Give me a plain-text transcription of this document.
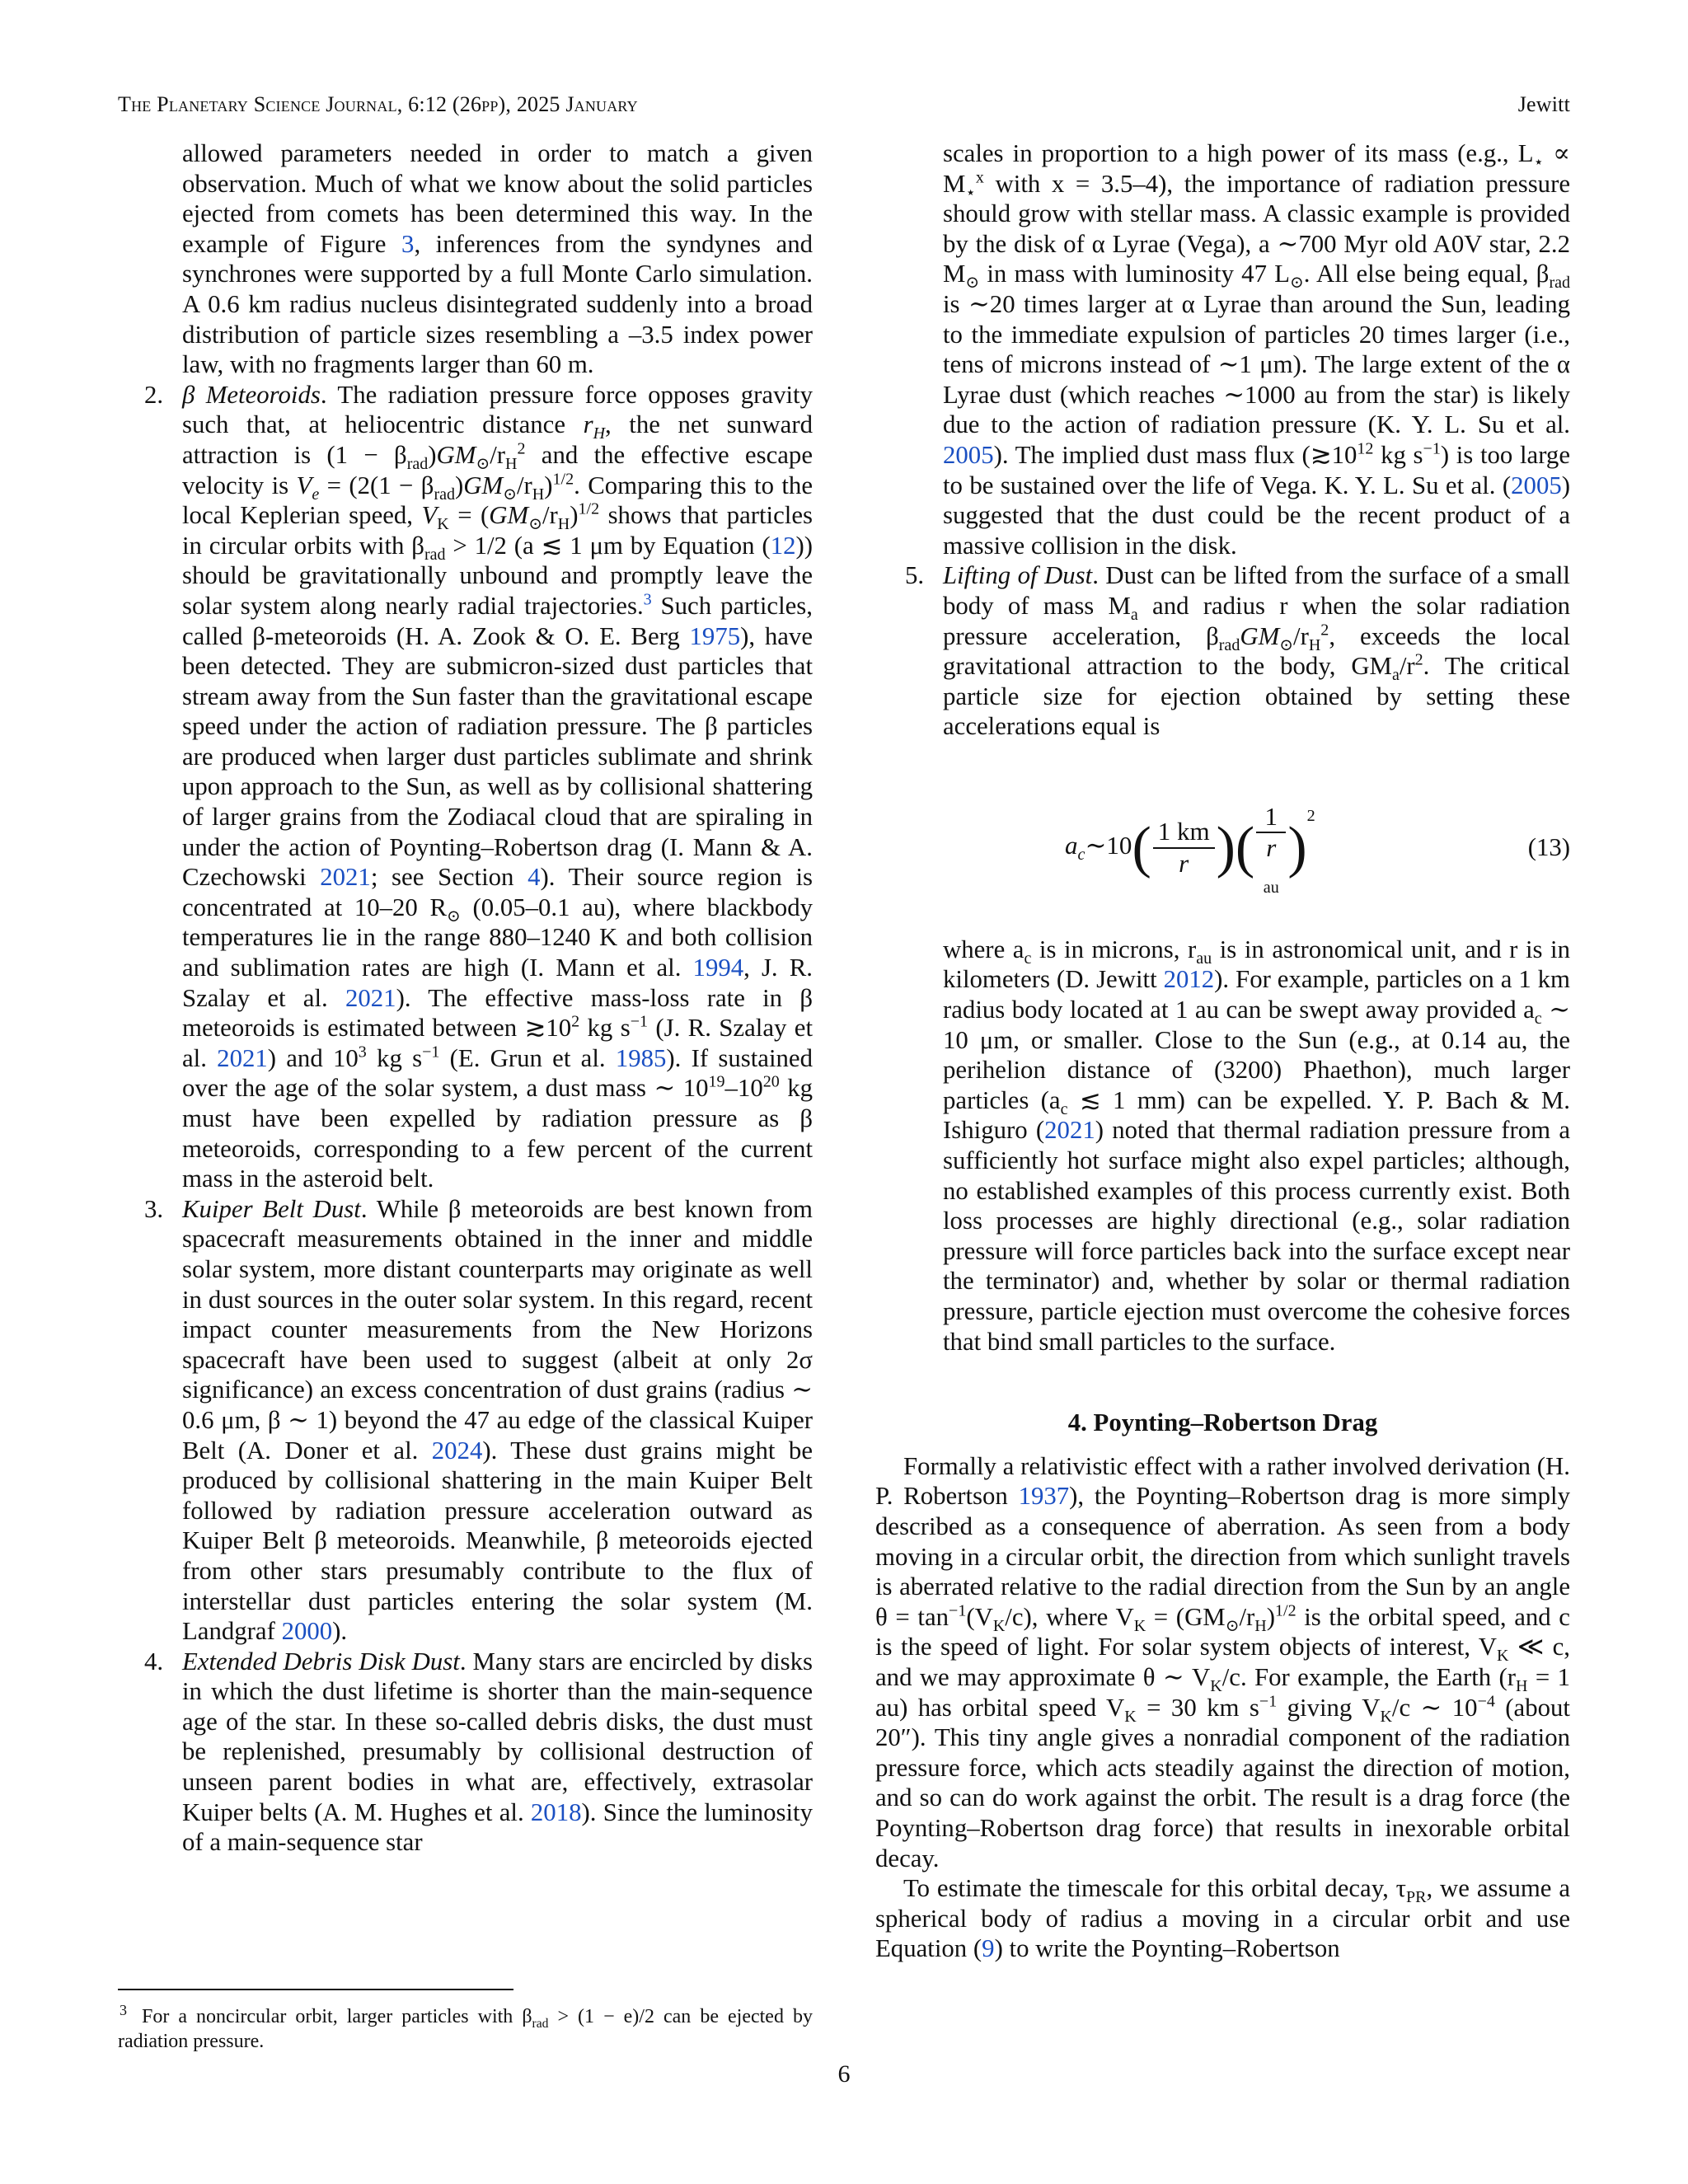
The Planetary Science Journal, 6:12 (26pp), 2025 January	Jewitt
allowed parameters needed in order to match a given observation. Much of what we know about the solid particles ejected from comets has been determined this way. In the example of Figure 3, inferences from the syndynes and synchrones were supported by a full Monte Carlo simulation. A 0.6 km radius nucleus disintegrated suddenly into a broad distribution of particle sizes resembling a –3.5 index power law, with no fragments larger than 60 m.
2. β Meteoroids. The radiation pressure force opposes gravity such that, at heliocentric distance $r_H$, the net sunward attraction is $(1 - \beta_{rad})GM_⊙/r_H^2$ and the effective escape velocity is $V_e = (2(1 - \beta_{rad})GM_⊙/r_H)^{1/2}$. Comparing this to the local Keplerian speed, $V_K = (GM_⊙/r_H)^{1/2}$ shows that particles in circular orbits with $\beta_{rad} > 1/2$ (a ≲ 1 μm by Equation (12)) should be gravitationally unbound and promptly leave the solar system along nearly radial trajectories.$^3$ Such particles, called β-meteoroids (H. A. Zook & O. E. Berg 1975), have been detected. They are submicron-sized dust particles that stream away from the Sun faster than the gravitational escape speed under the action of radiation pressure. The β particles are produced when larger dust particles sublimate and shrink upon approach to the Sun, as well as by collisional shattering of larger grains from the Zodiacal cloud that are spiraling in under the action of Poynting–Robertson drag (I. Mann & A. Czechowski 2021; see Section 4). Their source region is concentrated at 10–20 $R_⊙$ (0.05–0.1 au), where blackbody temperatures lie in the range 880–1240 K and both collision and sublimation rates are high (I. Mann et al. 1994, J. R. Szalay et al. 2021). The effective mass-loss rate in β meteoroids is estimated between $≳10^2$ kg $s^{-1}$ (J. R. Szalay et al. 2021) and $10^3$ kg $s^{-1}$ (E. Grun et al. 1985). If sustained over the age of the solar system, a dust mass ∼ $10^{19}-10^{20}$ kg must have been expelled by radiation pressure as β meteoroids, corresponding to a few percent of the current mass in the asteroid belt.
3. Kuiper Belt Dust. While β meteoroids are best known from spacecraft measurements obtained in the inner and middle solar system, more distant counterparts may originate as well in dust sources in the outer solar system. In this regard, recent impact counter measurements from the New Horizons spacecraft have been used to suggest (albeit at only 2σ significance) an excess concentration of dust grains (radius ∼ 0.6 μm, β ∼ 1) beyond the 47 au edge of the classical Kuiper Belt (A. Doner et al. 2024). These dust grains might be produced by collisional shattering in the main Kuiper Belt followed by radiation pressure acceleration outward as Kuiper Belt β meteoroids. Meanwhile, β meteoroids ejected from other stars presumably contribute to the flux of interstellar dust particles entering the solar system (M. Landgraf 2000).
4. Extended Debris Disk Dust. Many stars are encircled by disks in which the dust lifetime is shorter than the main-sequence age of the star. In these so-called debris disks, the dust must be replenished, presumably by collisional destruction of unseen parent bodies in what are, effectively, extrasolar Kuiper belts (A. M. Hughes et al. 2018). Since the luminosity of a main-sequence star
scales in proportion to a high power of its mass (e.g., $L_⋆ \propto M_⋆^x$ with x = 3.5–4), the importance of radiation pressure should grow with stellar mass. A classic example is provided by the disk of α Lyrae (Vega), a ∼700 Myr old A0V star, 2.2 $M_⊙$ in mass with luminosity 47 $L_⊙$. All else being equal, $\beta_{rad}$ is ∼20 times larger at α Lyrae than around the Sun, leading to the immediate expulsion of particles 20 times larger (i.e., tens of microns instead of ∼1 μm). The large extent of the α Lyrae dust (which reaches ∼1000 au from the star) is likely due to the action of radiation pressure (K. Y. L. Su et al. 2005). The implied dust mass flux ($≳10^{12}$ kg $s^{-1}$) is too large to be sustained over the life of Vega. K. Y. L. Su et al. (2005) suggested that the dust could be the recent product of a massive collision in the disk.
5. Lifting of Dust. Dust can be lifted from the surface of a small body of mass $M_a$ and radius r when the solar radiation pressure acceleration, $\beta_{rad}GM_⊙/r_H^2$, exceeds the local gravitational attraction to the body, $GM_a/r^2$. The critical particle size for ejection obtained by setting these accelerations equal is
$a_c\sim 10( \frac{1 km}{r}$ )( 1
r
$_{au}$ )$^2$
(13)
where $a_c$ is in microns, $r_{au}$ is in astronomical unit, and r is in kilometers (D. Jewitt 2012). For example, particles on a 1 km radius body located at 1 au can be swept away provided $a_c$ ∼ 10 μm, or smaller. Close to the Sun (e.g., at 0.14 au, the perihelion distance of (3200) Phaethon), much larger particles ($a_c$ ≲ 1 mm) can be expelled. Y. P. Bach & M. Ishiguro (2021) noted that thermal radiation pressure from a sufficiently hot surface might also expel particles; although, no established examples of this process currently exist. Both loss processes are highly directional (e.g., solar radiation pressure will force particles back into the surface except near the terminator) and, whether by solar or thermal radiation pressure, particle ejection must overcome the cohesive forces that bind small particles to the surface.
4. Poynting–Robertson Drag

Formally a relativistic effect with a rather involved derivation (H. P. Robertson 1937), the Poynting–Robertson drag is more simply described as a consequence of aberration. As seen from a body moving in a circular orbit, the direction from which sunlight travels is aberrated relative to the radial direction from the Sun by an angle $\theta = \tan^{-1}(V_K/c)$, where $V_K = (GM_⊙/r_H)^{1/2}$ is the orbital speed, and c is the speed of light. For solar system objects of interest, $V_K$ ≪ c, and we may approximate θ ∼ $V_K/c$. For example, the Earth ($r_H = 1$ au) has orbital speed $V_K = 30$ km $s^{-1}$ giving $V_K/c$ ∼ $10^{-4}$ (about 20″). This tiny angle gives a nonradial component of the radiation pressure force, which acts steadily against the direction of motion, and so can do work against the orbit. The result is a drag force (the Poynting–Robertson drag force) that results in inexorable orbital decay.

To estimate the timescale for this orbital decay, $\tau_{PR}$, we assume a spherical body of radius a moving in a circular orbit and use Equation (9) to write the Poynting–Robertson

$^3$ For a noncircular orbit, larger particles with $\beta_{rad} > (1 - e)/2$ can be ejected by radiation pressure.
6
